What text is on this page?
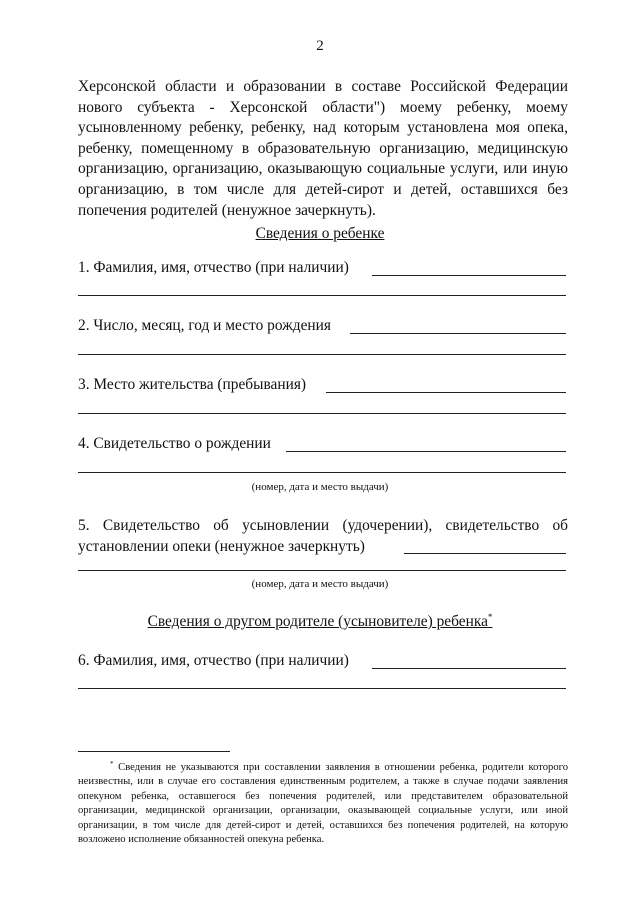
2

Херсонской области и образовании в составе Российской Федерации нового субъекта - Херсонской области") моему ребенку, моему усыновленному ребенку, ребенку, над которым установлена моя опека, ребенку, помещенному в образовательную организацию, медицинскую организацию, организацию, оказывающую социальные услуги, или иную организацию, в том числе для детей-сирот и детей, оставшихся без попечения родителей (ненужное зачеркнуть).

Сведения о ребенке
1. Фамилия, имя, отчество (при наличии)
2. Число, месяц, год и место рождения
3. Место жительства (пребывания)
4. Свидетельство о рождении
(номер, дата и место выдачи)
5. Свидетельство об усыновлении (удочерении), свидетельство об
установлении опеки (ненужное зачеркнуть)
(номер, дата и место выдачи)
Сведения о другом родителе (усыновителе) ребенка*
6. Фамилия, имя, отчество (при наличии)

* Сведения не указываются при составлении заявления в отношении ребенка, родители которого неизвестны, или в случае его составления единственным родителем, а также в случае подачи заявления опекуном ребенка, оставшегося без попечения родителей, или представителем образовательной организации, медицинской организации, организации, оказывающей социальные услуги, или иной организации, в том числе для детей-сирот и детей, оставшихся без попечения родителей, на которую возложено исполнение обязанностей опекуна ребенка.
